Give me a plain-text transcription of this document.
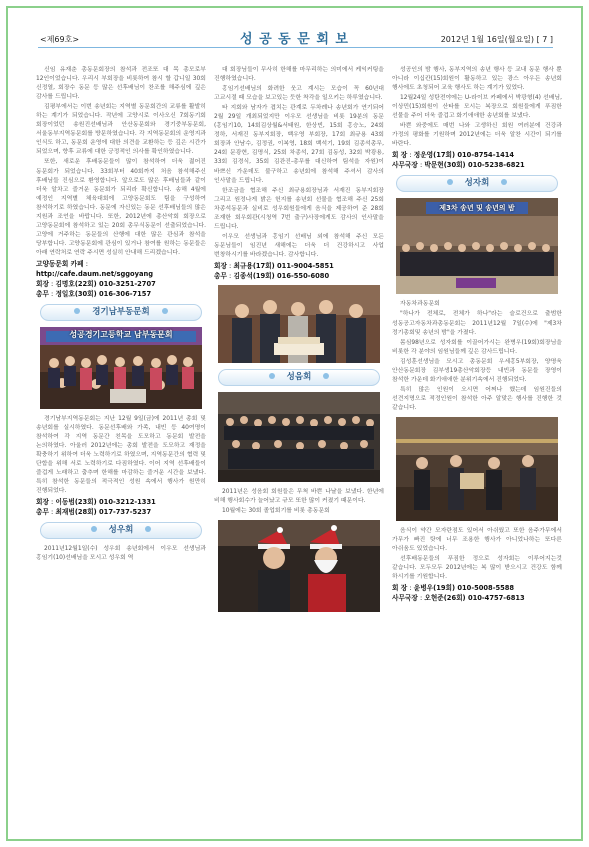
<제69호>	성 공 동 문 회 보	2012년 1월 16일(월요일) [ 7 ]

신임 유재춘 총동문회장의 참석과 전조또 대 목 총모로부 12인이었습니다. 우리시 부회장을 비롯하여 참시 할 갑니일 30회 신정열, 회장수 동문 등 많은 선후배님이 찬조를 해주심에 깊은 감사를 드립니다.

김평부에서는 이번 송년회는 지역별 동문회간의 교류를 활발히 하는 계기가 되었습니다. 작년에 고양시로 이사오신 7회동기회 회장이었던 송원진선배님과 안산동문회와 경기중부동문회, 서울동부지역동문회를 방문하였습니다. 각 지역동문회의 운영지과 인식도 하고, 동문회 운영에 대한 의견을 교환하는 등 깊은 시간가 되었으며, 향후 교류에 대한 긍정적인 의사를 확인하였습니다.

또한, 새로운 후배동문들이 많이 참석하여 더욱 젊어진 동문회가 되었습니다. 33회부터 40회까지 처음 참석해주신 후배님들 진심으로 환영합니다. 앞으로도 많은 후배님들과 같이 더욱 알차고 즐거운 동문회가 되리라 확신합니다. 송해 4월에 예정인 지역별 체육대회에 고양동문회도 팀을 구성하여 참석하기로 하였습니다. 동문에 자신있는 동문 선후배님들의 많은 지원과 조언을 바랍니다. 또한, 2012년에 총산악회 회장으로 고양동문회에 참석하고 있는 20회 총무식동문이 선출되었습니다. 고양에 거주하는 동문들의 산행에 대한 많은 관심과 참석을 당부합니다. 고양동문회에 관심이 있거나 참여를 원하는 동문들은 아래 연락처로 연락 주시면 성실히 안내해 드리겠습니다.

고양동문회 카페 : http://cafe.daum.net/sggoyang
회장 : 김명호(22회) 010-3251-2707
총무 : 정일호(30회) 016-306-7157
경기남부동문회
성공경기고등학교 남부동문회

경기남부지역동문회는 지난 12월 9일(금)에 2011년 총회 및 송년회를 실시하였다. 동문선후배와 가족, 내빈 등 40여명이 참석하여 각 지역 동문간 친목을 도모하고 동문회 발전을 논의하였다. 아울러 2012년에는 총회 발전을 도모하고 재정을 확충하기 위하여 더욱 노력하기로 하였으며, 지역동문간의 협력 및 단합을 위해 서로 노력하기로 다짐하였다. 이어 지역 선후배들이 즐겁게 노래하고 춤추며 한해를 마감하는 즐거운 시간을 보냈다. 특히 참석한 동문들의 적극적인 성원 속에서 행사가 원만히 진행되었다.

회장 : 이동범(23회) 010-3212-1331
총무 : 최재범(28회) 017-737-5237
성우회

2011년12월1일(수) 성우회 송년회에서 이우모 선생님과 홍임기(10)선배님을 모시고 성우회 역

대 회장님들이 무사히 한해를 마무리하는 의미에서 케익커팅을 진행하였습니다.

홍임기선배님의 화려한 웃고 계시는 모습이 꼭 60년대 고교시절 때 모습을 보고있는 듯한 착각을 일으키는 하루였습니다.

타 지회와 남자가 겹치는 관계로 두차례나 송년회가 연기되어 2월 29일 개최되었지만 이우모 선생님을 비롯 19분의 동문(홍임기10, 14회김상월&서태원, 한상빈, 15회 홍승노, 24회 정하, 서재진 동부지회장, 백우영 부회장, 17회 최규용 43회 회장과 안남수, 김정권, 이복영, 18회 백석기, 19회 김종석총무, 24회 문광현, 김명식, 25회 차종석, 27회 김동성, 32회 박광용, 33회 김경식, 35회 김관진-총무를 대신하여 팀석을 자원)이 바쁘신 가운데도 불구하고 송년회에 참석해 주셔서 감사의 인사말을 드립니다.

한조금을 협조해 주신 최규용회장님과 서재진 동부지회장 그리고 원정나게 밝은 헌지를 송년회 선물을 협조해 주신 25회 차종석동문과 실비로 성우회원들에게 음식을 제공하여 준 28회 조재한 회우회관(시청역 7번 출구)사장에게도 감사의 인사말을 드립니다.

이우모 선생님과 홍임기 선배님 외에 참석해 주신 모든 동문님들이 임진년 새해에는 더욱 더 건강하시고 사업 번창하시기를 바라겠습니다. 감사합니다.

회장 : 최규용(17회) 011-9004-5851
총무 : 김종석(19회) 016-550-6080
성음회

2011년은 성음회 회원들은 무척 바쁜 나날을 보냈다. 한년에 비해 행사회수가 늘어났고 규모 또한 많이 커졌기 때문이다.

10월에는 30회 졸업회기를 비롯 총동문회

성공인의 밤 행사, 동부지역의 송년 행사 등 교내 동문 행사 뿐 아니라 이십칸(15)회원이 활동하고 있는 광스 아우든 송년회 행사에도 초청되어 교육 행사도 하는 계기가 있었다.

12월24일 성탄전야에는 U-라이브 카페에서 박광형(4) 선배님, 이상민(15)회원이 산타를 모시는 복장으로 회원들에게 푸짐한 선물을 주어 더욱 즐겁고 화기애애한 송년회를 보냈다.

바쁜 와중에도 매번 나와 고생하신 회원 여러분에 건강과 가정의 평화를 기원하며 2012년에는 더욱 알찬 시간이 되기를 바란다.

회 장 : 정운영(17회) 010-8754-1414
사무국장 : 박문현(30회) 010-5238-6821
성자회
제3차 송년 및 송년의 밤

자동차과동문회

"하나가 전체로, 전체가 하나"라는 슬로건으로 출범한 성동공고자동차과총동문회는 2011년12월 7일(수)에 "제3차 정기총회및 송년의 밤"을 가졌다.

몸심98년으로 성자회를 이끌어가시는 완병우(19회)회장님을 비롯한 각 분야의 임원님들께 깊은 감사드립니다.

김성훈선생님을 모시고 총동문회 우세홍5부회장, 양명욱 안산동문회장 김부생19총산악회장등 내빈과 동문들 장영이 참석한 가운데 화기애애한 분위기속에서 진행되었다.

특히 많은 인원이 오시면 어쩌나 했는데 임원진들의 선견지명으로 적정인원이 참석한 아주 알맞은 행사를 진행한 것 같습니다.

음식이 약간 모자란점도 있어서 아쉬웠고 또한 음주가무에서 가무가 빠진 탓에 너무 조용한 행사가 아니었나하는 또다른 아쉬움도 있었습니다.

선후배동문들의 푸짐한 정으로 성자회는 이루어지는것 같습니다. 모두모두 2012년에는 복 많이 받으시고 건강도 함께 하시기를 기원합니다.

회 장 : 윤병우(19회) 010-5008-5588
사무국장 : 오현준(26회) 010-4757-6813
